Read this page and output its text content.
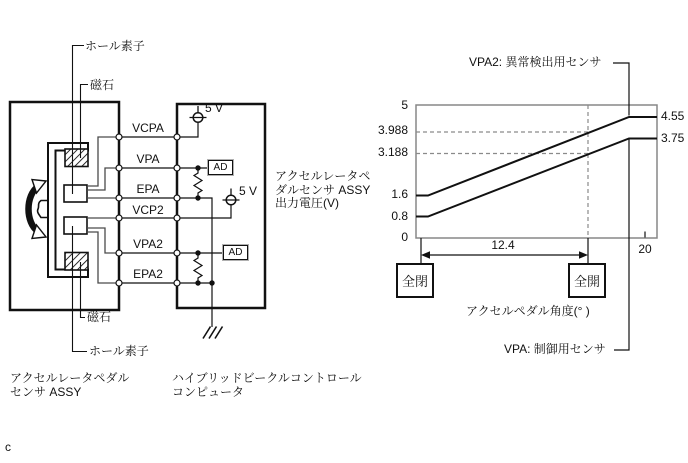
ホール素子
磁石
磁石
ホール素子
VCPA
VPA
EPA
VCP2
VPA2
EPA2
5 V
5 V
AD
AD
アクセルレータペダル
センサ ASSY
ハイブリッドビークルコントロール
コンピュータ
アクセルレータペ
ダルセンサ ASSY
出力電圧(V)
VPA2: 異常検出用センサ
VPA: 制御用センサ
5
3.988
3.188
1.6
0.8
0
4.55
3.75
20
12.4
全閉	全開
アクセルペダル角度(° )
c
